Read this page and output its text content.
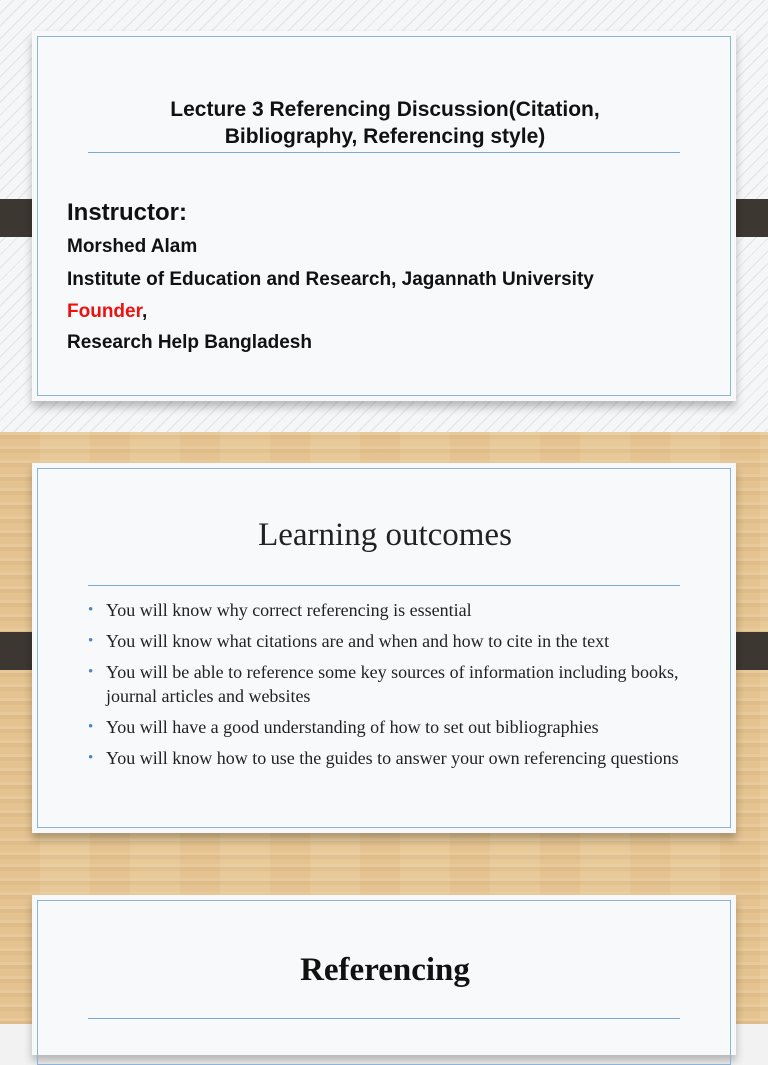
Lecture 3 Referencing Discussion(Citation,
Bibliography, Referencing style)
Instructor:
Morshed Alam
Institute of Education and Research, Jagannath University
Founder,
Research Help Bangladesh
Learning outcomes
• You will know why correct referencing is essential
• You will know what citations are and when and how to cite in the text
• You will be able to reference some key sources of information including books, journal articles and websites
• You will have a good understanding of how to set out bibliographies
• You will know how to use the guides to answer your own referencing questions
Referencing
